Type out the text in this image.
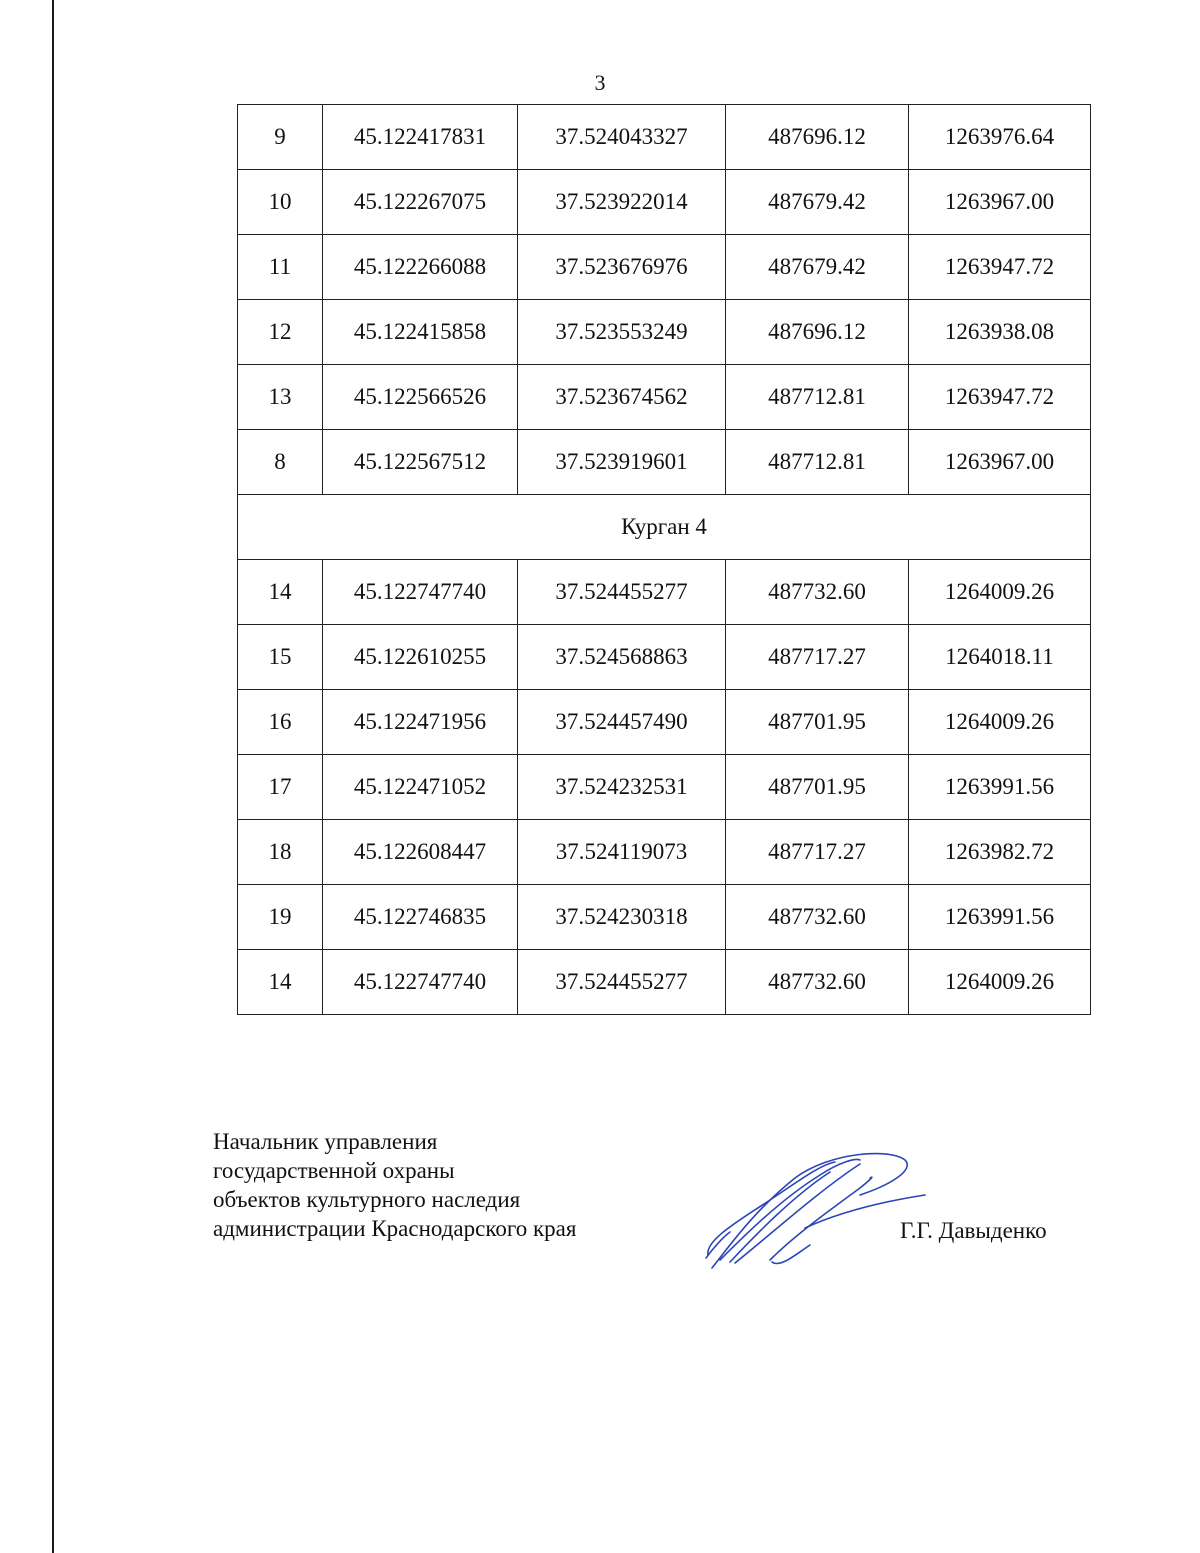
3
9	45.122417831	37.524043327	487696.12	1263976.64
10	45.122267075	37.523922014	487679.42	1263967.00
11	45.122266088	37.523676976	487679.42	1263947.72
12	45.122415858	37.523553249	487696.12	1263938.08
13	45.122566526	37.523674562	487712.81	1263947.72
8	45.122567512	37.523919601	487712.81	1263967.00
Курган 4				
14	45.122747740	37.524455277	487732.60	1264009.26
15	45.122610255	37.524568863	487717.27	1264018.11
16	45.122471956	37.524457490	487701.95	1264009.26
17	45.122471052	37.524232531	487701.95	1263991.56
18	45.122608447	37.524119073	487717.27	1263982.72
19	45.122746835	37.524230318	487732.60	1263991.56
14	45.122747740	37.524455277	487732.60	1264009.26
Начальник управления
государственной охраны
объектов культурного наследия
администрации Краснодарского края	Г.Г. Давыденко
